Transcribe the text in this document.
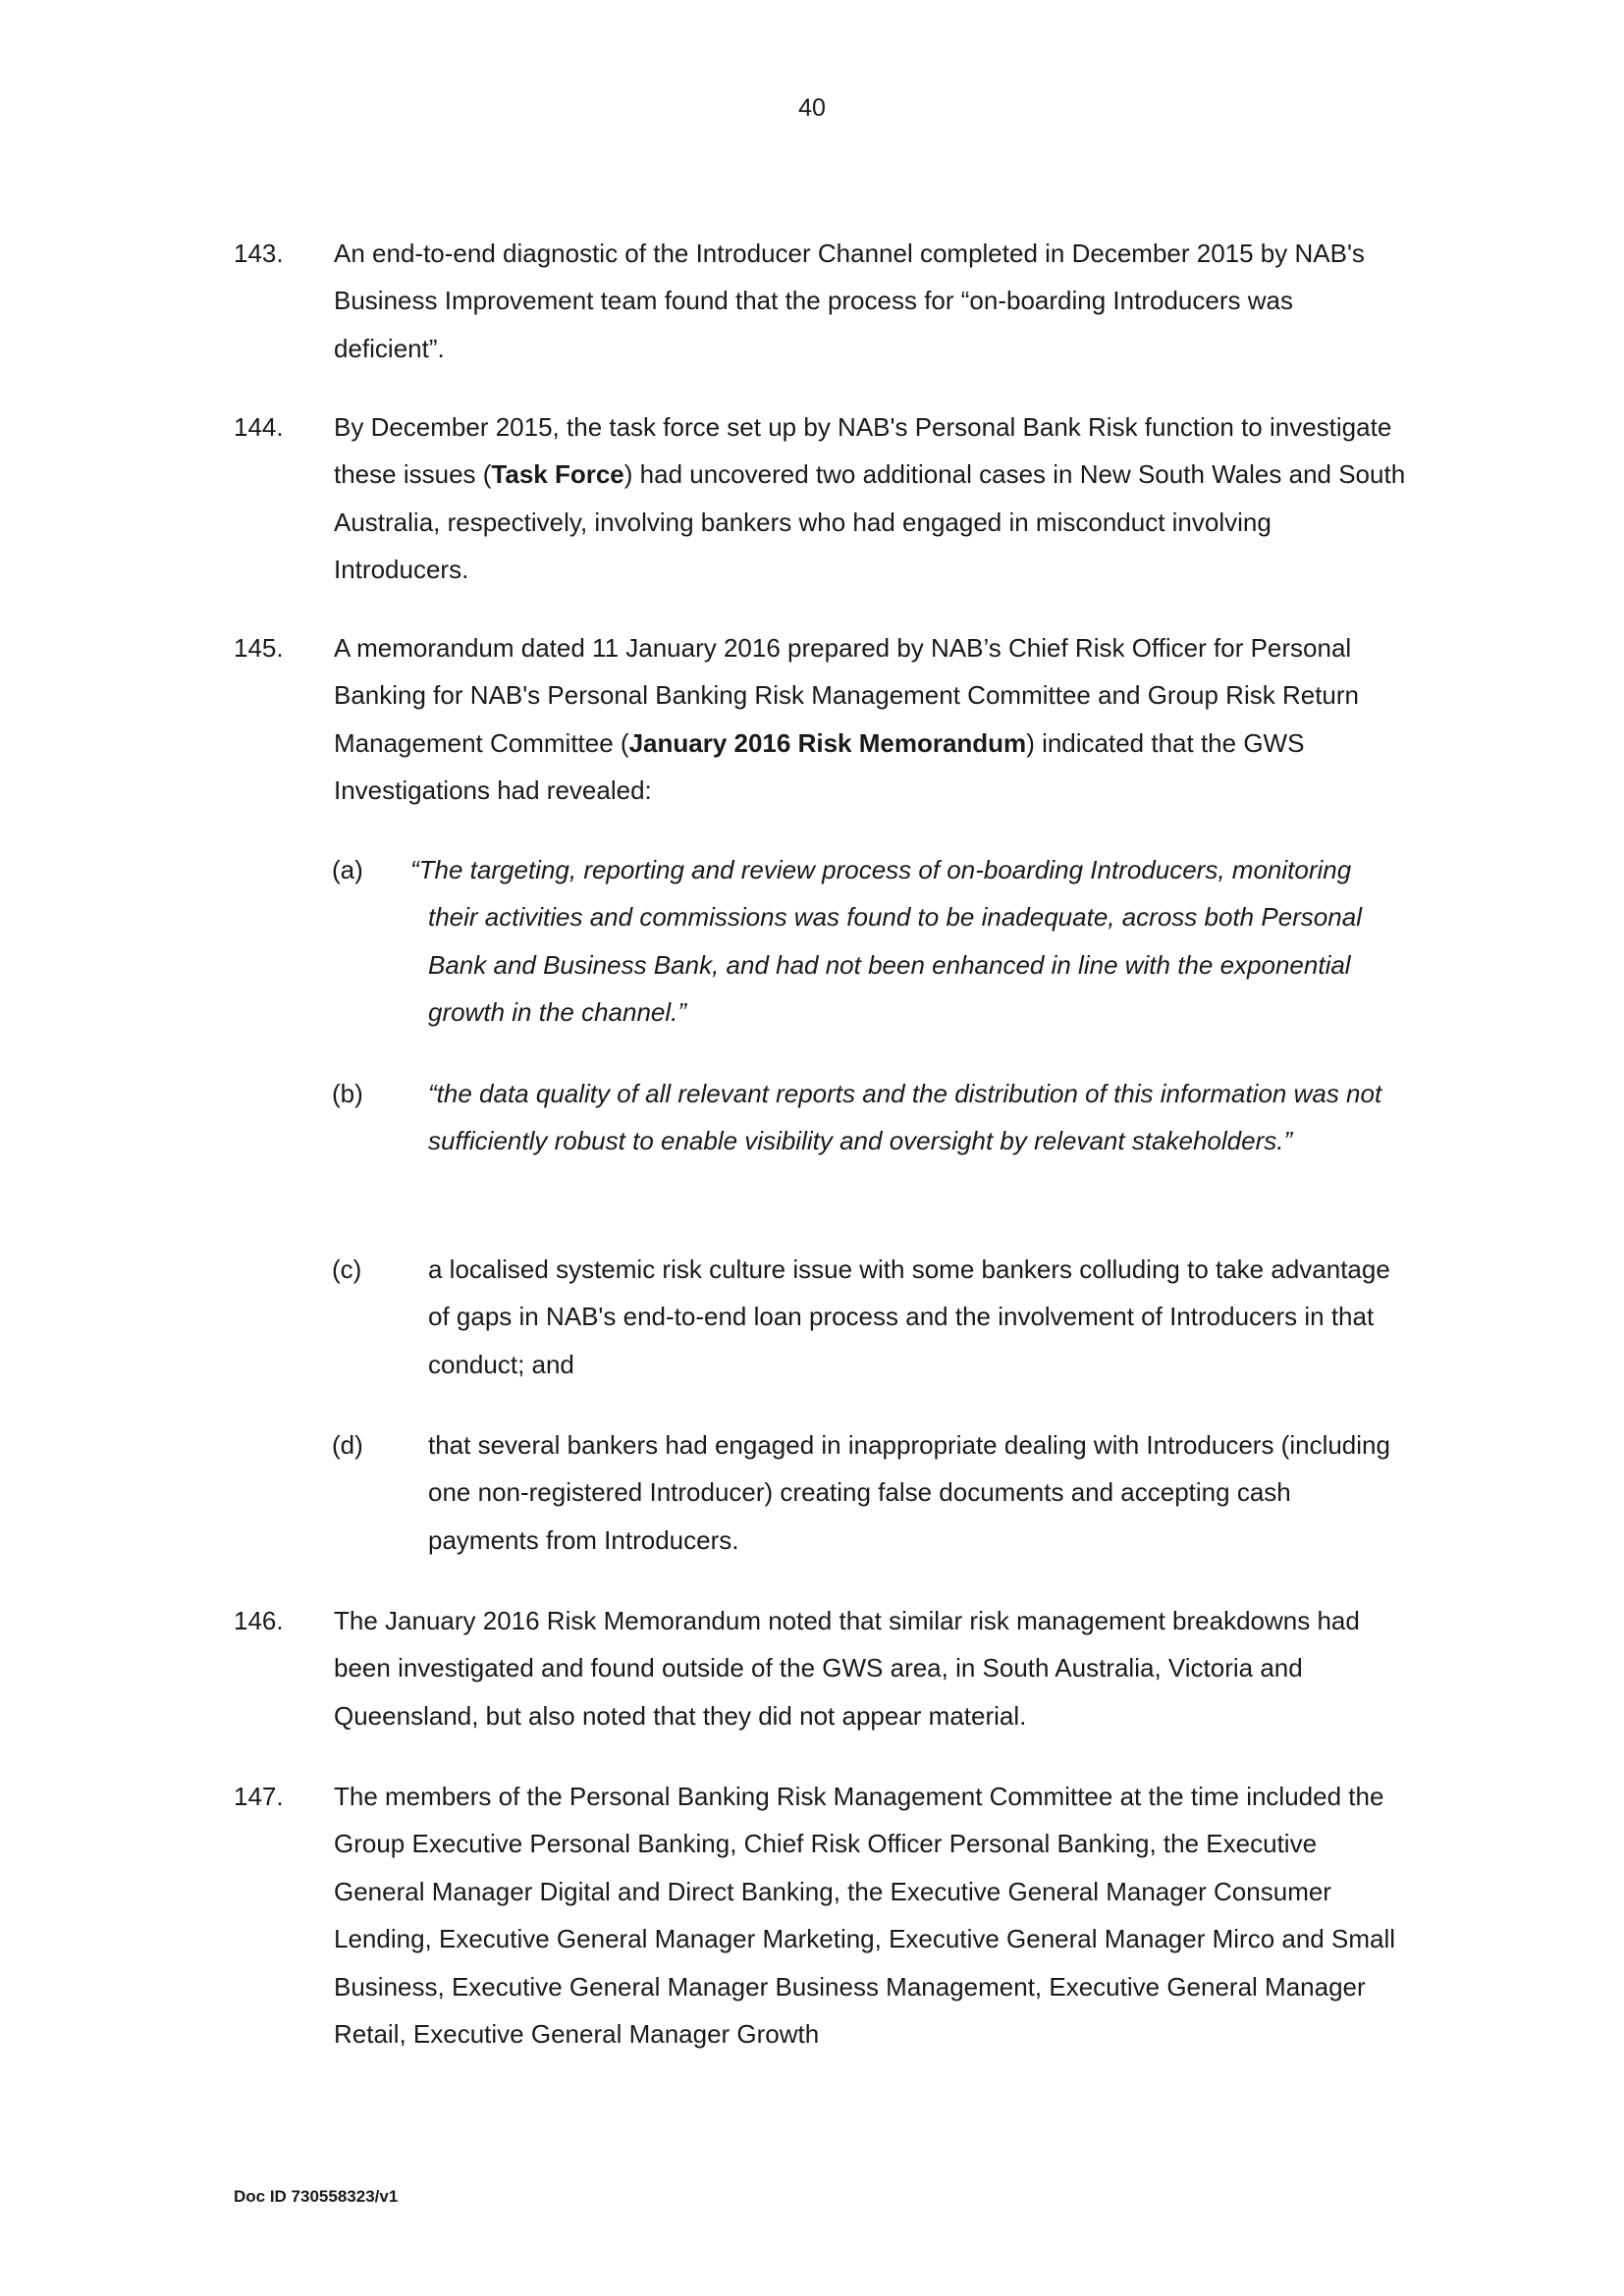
40

143. An end-to-end diagnostic of the Introducer Channel completed in December 2015 by NAB's Business Improvement team found that the process for “on-boarding Introducers was deficient”.
144. By December 2015, the task force set up by NAB's Personal Bank Risk function to investigate these issues (Task Force) had uncovered two additional cases in New South Wales and South Australia, respectively, involving bankers who had engaged in misconduct involving Introducers.
145. A memorandum dated 11 January 2016 prepared by NAB’s Chief Risk Officer for Personal Banking for NAB's Personal Banking Risk Management Committee and Group Risk Return Management Committee (January 2016 Risk Memorandum) indicated that the GWS Investigations had revealed:
(a) “The targeting, reporting and review process of on-boarding Introducers, monitoring their activities and commissions was found to be inadequate, across both Personal Bank and Business Bank, and had not been enhanced in line with the exponential growth in the channel.”
(b)	“the data quality of all relevant reports and the distribution of this information was not sufficiently robust to enable visibility and oversight by relevant stakeholders.”
(c)	a localised systemic risk culture issue with some bankers colluding to take advantage of gaps in NAB's end-to-end loan process and the involvement of Introducers in that conduct; and
(d)	that several bankers had engaged in inappropriate dealing with Introducers (including one non-registered Introducer) creating false documents and accepting cash payments from Introducers.
146. The January 2016 Risk Memorandum noted that similar risk management breakdowns had been investigated and found outside of the GWS area, in South Australia, Victoria and Queensland, but also noted that they did not appear material.
147. The members of the Personal Banking Risk Management Committee at the time included the Group Executive Personal Banking, Chief Risk Officer Personal Banking, the Executive General Manager Digital and Direct Banking, the Executive General Manager Consumer Lending, Executive General Manager Marketing, Executive General Manager Mirco and Small Business, Executive General Manager Business Management, Executive General Manager Retail, Executive General Manager Growth

Doc ID 730558323/v1
